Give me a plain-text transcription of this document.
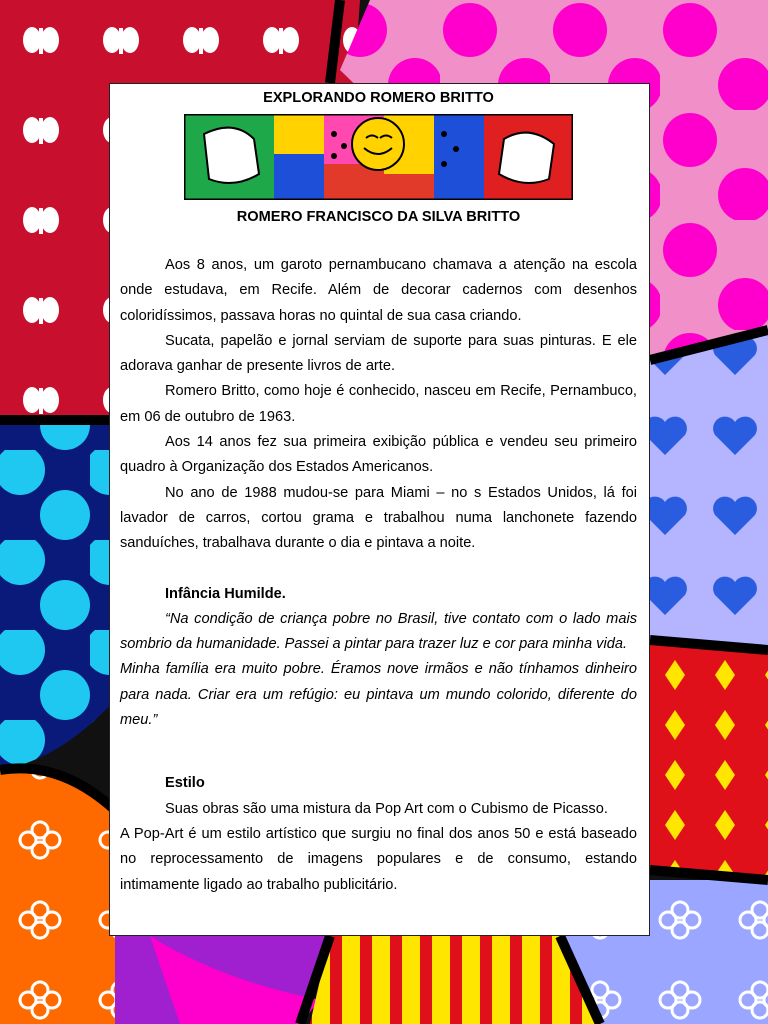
EXPLORANDO ROMERO BRITTO
ROMERO FRANCISCO DA SILVA BRITTO

Aos 8 anos, um garoto pernambucano chamava a atenção na escola onde estudava, em Recife. Além de decorar cadernos com desenhos coloridíssimos, passava horas no quintal de sua casa criando.

Sucata, papelão e jornal serviam de suporte para suas pinturas. E ele adorava ganhar de presente livros de arte.

Romero Britto, como hoje é conhecido, nasceu em Recife, Pernambuco, em 06 de outubro de 1963.

Aos 14 anos fez sua primeira exibição pública e vendeu seu primeiro quadro à Organização dos Estados Americanos.

No ano de 1988 mudou-se para Miami – no s Estados Unidos, lá foi lavador de carros, cortou grama e trabalhou numa lanchonete fazendo sanduíches, trabalhava durante o dia e pintava a noite.

Infância Humilde.

“Na condição de criança pobre no Brasil, tive contato com o lado mais sombrio da humanidade. Passei a pintar para trazer luz e cor para minha vida.

Minha família era muito pobre. Éramos nove irmãos e não tínhamos dinheiro para nada. Criar era um refúgio: eu pintava um mundo colorido, diferente do meu.”

Estilo

Suas obras são uma mistura da Pop Art com o Cubismo de Picasso.

A Pop-Art é um estilo artístico que surgiu no final dos anos 50 e está baseado no reprocessamento de imagens populares e de consumo, estando intimamente ligado ao trabalho publicitário.
